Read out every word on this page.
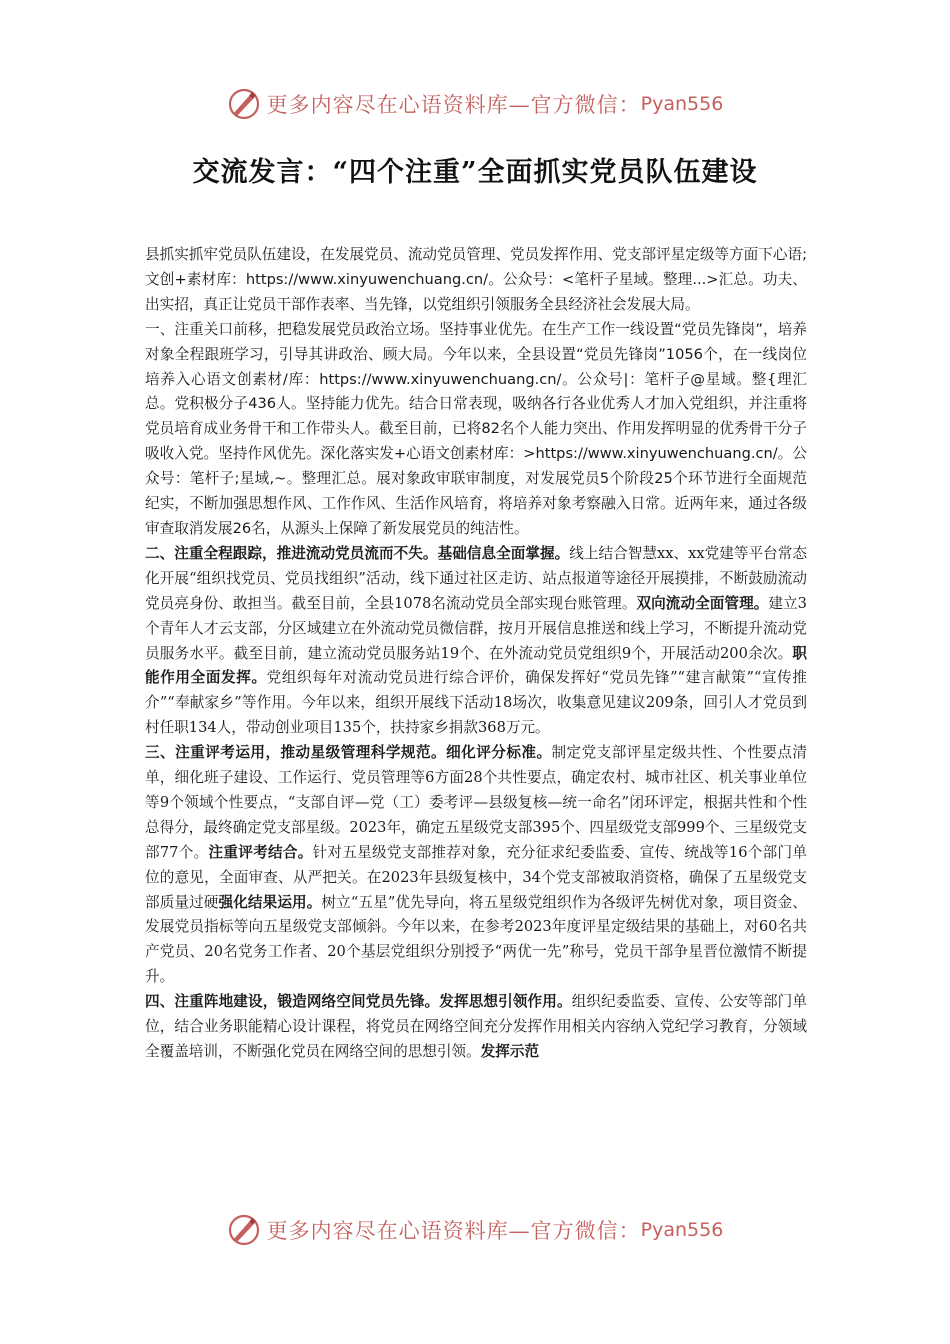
更多内容尽在心语资料库—官方微信： Pyan556
交流发言：“四个注重”全面抓实党员队伍建设

县抓实抓牢党员队伍建设，在发展党员、流动党员管理、党员发挥作用、党支部评星定级等方面下心语;文创+素材库：https://www.xinyuwenchuang.cn/。公众号：<笔杆子星域。整理...>汇总。功夫、出实招，真正让党员干部作表率、当先锋，以党组织引领服务全县经济社会发展大局。

一、注重关口前移，把稳发展党员政治立场。坚持事业优先。在生产工作一线设置“党员先锋岗”，培养对象全程跟班学习，引导其讲政治、顾大局。今年以来，全县设置“党员先锋岗”1056个，在一线岗位培养入心语文创素材/库：https://www.xinyuwenchuang.cn/。公众号|：笔杆子@星域。整{理汇总。党积极分子436人。坚持能力优先。结合日常表现，吸纳各行各业优秀人才加入党组织，并注重将党员培育成业务骨干和工作带头人。截至目前，已将82名个人能力突出、作用发挥明显的优秀骨干分子吸收入党。坚持作风优先。深化落实发+心语文创素材库：>https://www.xinyuwenchuang.cn/。公众号：笔杆子;星域,~。整理汇总。展对象政审联审制度，对发展党员5个阶段25个环节进行全面规范纪实，不断加强思想作风、工作作风、生活作风培育，将培养对象考察融入日常。近两年来，通过各级审查取消发展26名，从源头上保障了新发展党员的纯洁性。

二、注重全程跟踪，推进流动党员流而不失。基础信息全面掌握。线上结合智慧xx、xx党建等平台常态化开展“组织找党员、党员找组织”活动，线下通过社区走访、站点报道等途径开展摸排，不断鼓励流动党员亮身份、敢担当。截至目前，全县1078名流动党员全部实现台账管理。双向流动全面管理。建立3个青年人才云支部，分区域建立在外流动党员微信群，按月开展信息推送和线上学习，不断提升流动党员服务水平。截至目前，建立流动党员服务站19个、在外流动党员党组织9个，开展活动200余次。职能作用全面发挥。党组织每年对流动党员进行综合评价，确保发挥好“党员先锋”“建言献策”“宣传推介”“奉献家乡”等作用。今年以来，组织开展线下活动18场次，收集意见建议209条，回引人才党员到村任职134人，带动创业项目135个，扶持家乡捐款368万元。

三、注重评考运用，推动星级管理科学规范。细化评分标准。制定党支部评星定级共性、个性要点清单，细化班子建设、工作运行、党员管理等6方面28个共性要点，确定农村、城市社区、机关事业单位等9个领域个性要点，“支部自评—党（工）委考评—县级复核—统一命名”闭环评定，根据共性和个性总得分，最终确定党支部星级。2023年，确定五星级党支部395个、四星级党支部999个、三星级党支部77个。注重评考结合。针对五星级党支部推荐对象，充分征求纪委监委、宣传、统战等16个部门单位的意见，全面审查、从严把关。在2023年县级复核中，34个党支部被取消资格，确保了五星级党支部质量过硬强化结果运用。树立“五星”优先导向，将五星级党组织作为各级评先树优对象，项目资金、发展党员指标等向五星级党支部倾斜。今年以来，在参考2023年度评星定级结果的基础上，对60名共产党员、20名党务工作者、20个基层党组织分别授予“两优一先”称号，党员干部争星晋位激情不断提升。

四、注重阵地建设，锻造网络空间党员先锋。发挥思想引领作用。组织纪委监委、宣传、公安等部门单位，结合业务职能精心设计课程，将党员在网络空间充分发挥作用相关内容纳入党纪学习教育，分领域全覆盖培训，不断强化党员在网络空间的思想引领。发挥示范

更多内容尽在心语资料库—官方微信： Pyan556
